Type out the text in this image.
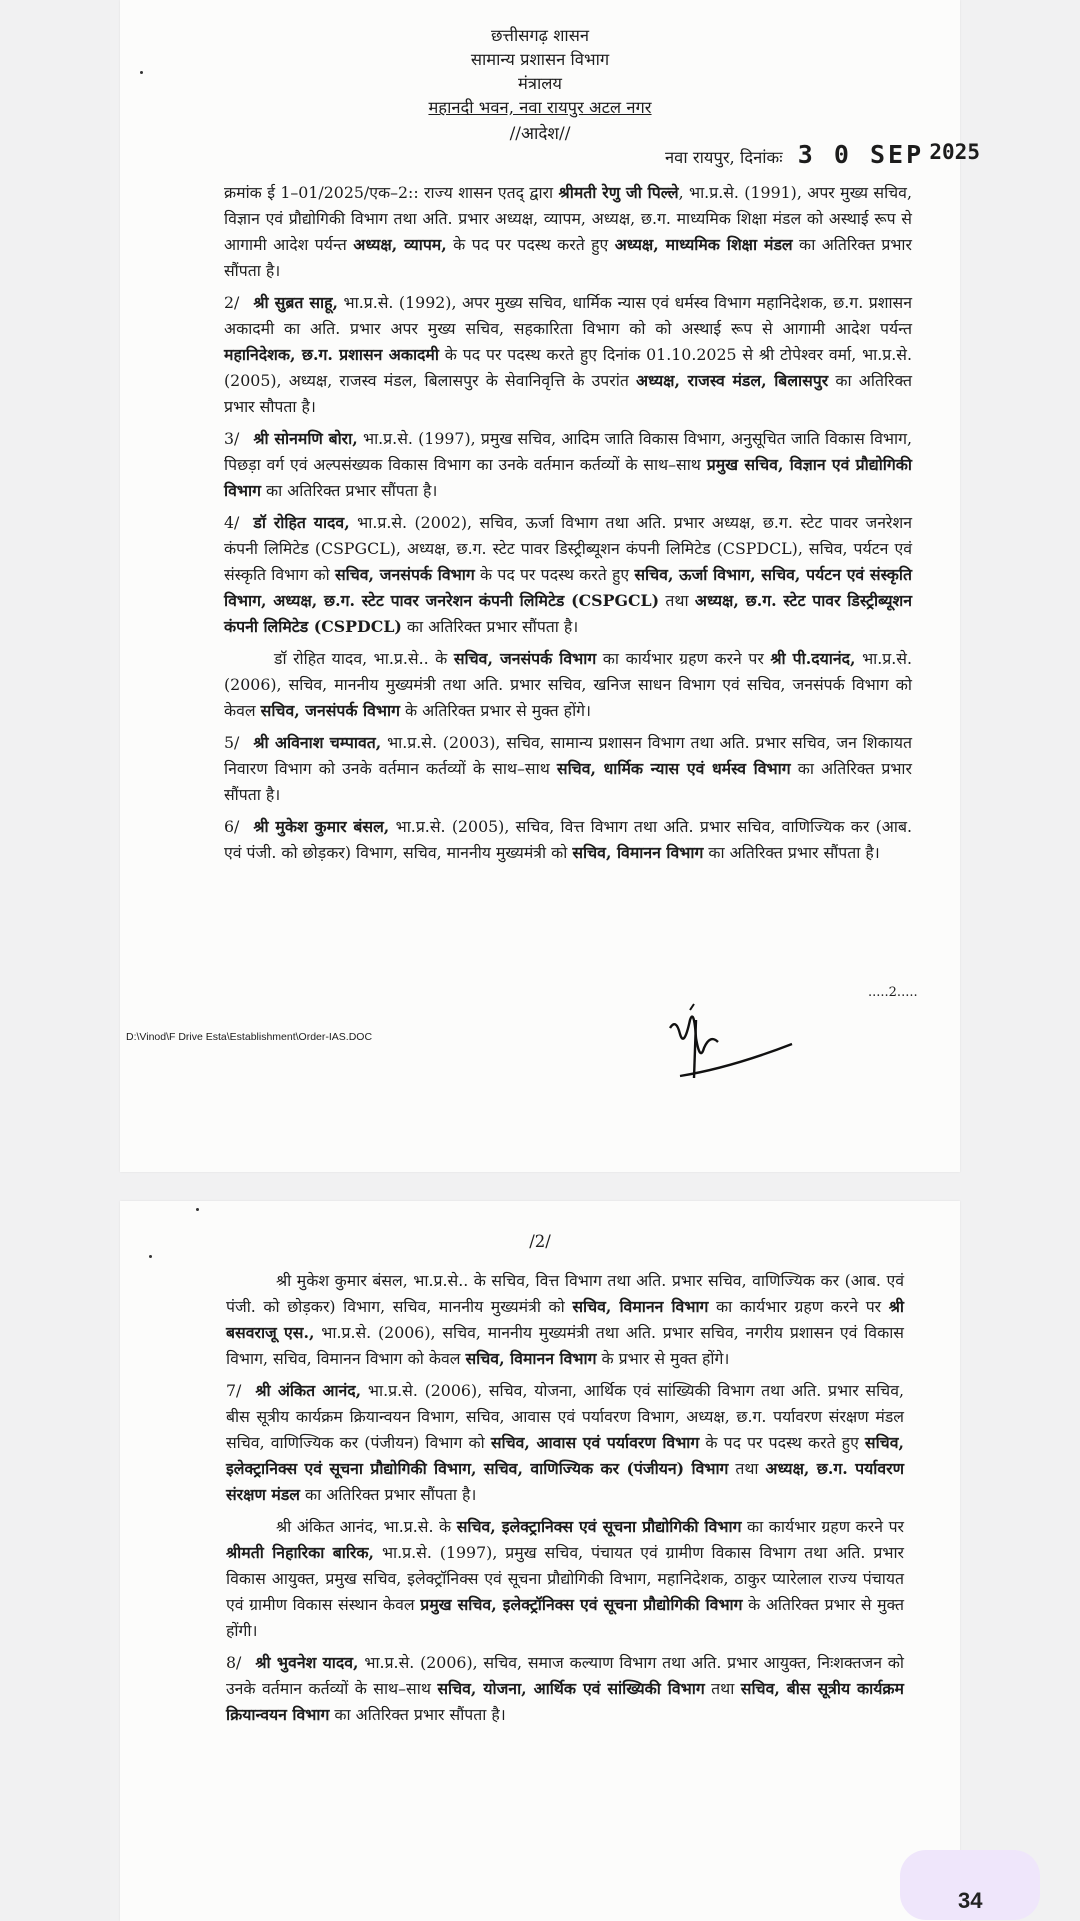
छत्तीसगढ़ शासन
सामान्य प्रशासन विभाग
मंत्रालय
महानदी भवन, नवा रायपुर अटल नगर
//आदेश//
नवा रायपुर, दिनांकः 3 0 SEP 2025

क्रमांक ई 1–01/2025/एक–2:: राज्य शासन एतद् द्वारा श्रीमती रेणु जी पिल्ले, भा.प्र.से. (1991), अपर मुख्य सचिव, विज्ञान एवं प्रौद्योगिकी विभाग तथा अति. प्रभार अध्यक्ष, व्यापम, अध्यक्ष, छ.ग. माध्यमिक शिक्षा मंडल को अस्थाई रूप से आगामी आदेश पर्यन्त अध्यक्ष, व्यापम, के पद पर पदस्थ करते हुए अध्यक्ष, माध्यमिक शिक्षा मंडल का अतिरिक्त प्रभार सौंपता है।

2/ श्री सुब्रत साहू, भा.प्र.से. (1992), अपर मुख्य सचिव, धार्मिक न्यास एवं धर्मस्व विभाग महानिदेशक, छ.ग. प्रशासन अकादमी का अति. प्रभार अपर मुख्य सचिव, सहकारिता विभाग को को अस्थाई रूप से आगामी आदेश पर्यन्त महानिदेशक, छ.ग. प्रशासन अकादमी के पद पर पदस्थ करते हुए दिनांक 01.10.2025 से श्री टोपेश्वर वर्मा, भा.प्र.से. (2005), अध्यक्ष, राजस्व मंडल, बिलासपुर के सेवानिवृत्ति के उपरांत अध्यक्ष, राजस्व मंडल, बिलासपुर का अतिरिक्त प्रभार सौपता है।

3/ श्री सोनमणि बोरा, भा.प्र.से. (1997), प्रमुख सचिव, आदिम जाति विकास विभाग, अनुसूचित जाति विकास विभाग, पिछड़ा वर्ग एवं अल्पसंख्यक विकास विभाग का उनके वर्तमान कर्तव्यों के साथ–साथ प्रमुख सचिव, विज्ञान एवं प्रौद्योगिकी विभाग का अतिरिक्त प्रभार सौंपता है।

4/ डॉ रोहित यादव, भा.प्र.से. (2002), सचिव, ऊर्जा विभाग तथा अति. प्रभार अध्यक्ष, छ.ग. स्टेट पावर जनरेशन कंपनी लिमिटेड (CSPGCL), अध्यक्ष, छ.ग. स्टेट पावर डिस्ट्रीब्यूशन कंपनी लिमिटेड (CSPDCL), सचिव, पर्यटन एवं संस्कृति विभाग को सचिव, जनसंपर्क विभाग के पद पर पदस्थ करते हुए सचिव, ऊर्जा विभाग, सचिव, पर्यटन एवं संस्कृति विभाग, अध्यक्ष, छ.ग. स्टेट पावर जनरेशन कंपनी लिमिटेड (CSPGCL) तथा अध्यक्ष, छ.ग. स्टेट पावर डिस्ट्रीब्यूशन कंपनी लिमिटेड (CSPDCL) का अतिरिक्त प्रभार सौंपता है।

डॉ रोहित यादव, भा.प्र.से.. के सचिव, जनसंपर्क विभाग का कार्यभार ग्रहण करने पर श्री पी.दयानंद, भा.प्र.से. (2006), सचिव, माननीय मुख्यमंत्री तथा अति. प्रभार सचिव, खनिज साधन विभाग एवं सचिव, जनसंपर्क विभाग को केवल सचिव, जनसंपर्क विभाग के अतिरिक्त प्रभार से मुक्त होंगे।

5/ श्री अविनाश चम्पावत, भा.प्र.से. (2003), सचिव, सामान्य प्रशासन विभाग तथा अति. प्रभार सचिव, जन शिकायत निवारण विभाग को उनके वर्तमान कर्तव्यों के साथ–साथ सचिव, धार्मिक न्यास एवं धर्मस्व विभाग का अतिरिक्त प्रभार सौंपता है।

6/ श्री मुकेश कुमार बंसल, भा.प्र.से. (2005), सचिव, वित्त विभाग तथा अति. प्रभार सचिव, वाणिज्यिक कर (आब. एवं पंजी. को छोड़कर) विभाग, सचिव, माननीय मुख्यमंत्री को सचिव, विमानन विभाग का अतिरिक्त प्रभार सौंपता है।

.....2.....
D:\Vinod\F Drive Esta\Establishment\Order-IAS.DOC
/2/

श्री मुकेश कुमार बंसल, भा.प्र.से.. के सचिव, वित्त विभाग तथा अति. प्रभार सचिव, वाणिज्यिक कर (आब. एवं पंजी. को छोड़कर) विभाग, सचिव, माननीय मुख्यमंत्री को सचिव, विमानन विभाग का कार्यभार ग्रहण करने पर श्री बसवराजू एस., भा.प्र.से. (2006), सचिव, माननीय मुख्यमंत्री तथा अति. प्रभार सचिव, नगरीय प्रशासन एवं विकास विभाग, सचिव, विमानन विभाग को केवल सचिव, विमानन विभाग के प्रभार से मुक्त होंगे।

7/ श्री अंकित आनंद, भा.प्र.से. (2006), सचिव, योजना, आर्थिक एवं सांख्यिकी विभाग तथा अति. प्रभार सचिव, बीस सूत्रीय कार्यक्रम क्रियान्वयन विभाग, सचिव, आवास एवं पर्यावरण विभाग, अध्यक्ष, छ.ग. पर्यावरण संरक्षण मंडल सचिव, वाणिज्यिक कर (पंजीयन) विभाग को सचिव, आवास एवं पर्यावरण विभाग के पद पर पदस्थ करते हुए सचिव, इलेक्ट्रानिक्स एवं सूचना प्रौद्योगिकी विभाग, सचिव, वाणिज्यिक कर (पंजीयन) विभाग तथा अध्यक्ष, छ.ग. पर्यावरण संरक्षण मंडल का अतिरिक्त प्रभार सौंपता है।

श्री अंकित आनंद, भा.प्र.से. के सचिव, इलेक्ट्रानिक्स एवं सूचना प्रौद्योगिकी विभाग का कार्यभार ग्रहण करने पर श्रीमती निहारिका बारिक, भा.प्र.से. (1997), प्रमुख सचिव, पंचायत एवं ग्रामीण विकास विभाग तथा अति. प्रभार विकास आयुक्त, प्रमुख सचिव, इलेक्ट्रॉनिक्स एवं सूचना प्रौद्योगिकी विभाग, महानिदेशक, ठाकुर प्यारेलाल राज्य पंचायत एवं ग्रामीण विकास संस्थान केवल प्रमुख सचिव, इलेक्ट्रॉनिक्स एवं सूचना प्रौद्योगिकी विभाग के अतिरिक्त प्रभार से मुक्त होंगी।

8/ श्री भुवनेश यादव, भा.प्र.से. (2006), सचिव, समाज कल्याण विभाग तथा अति. प्रभार आयुक्त, निःशक्तजन को उनके वर्तमान कर्तव्यों के साथ–साथ सचिव, योजना, आर्थिक एवं सांख्यिकी विभाग तथा सचिव, बीस सूत्रीय कार्यक्रम क्रियान्वयन विभाग का अतिरिक्त प्रभार सौंपता है।

34
